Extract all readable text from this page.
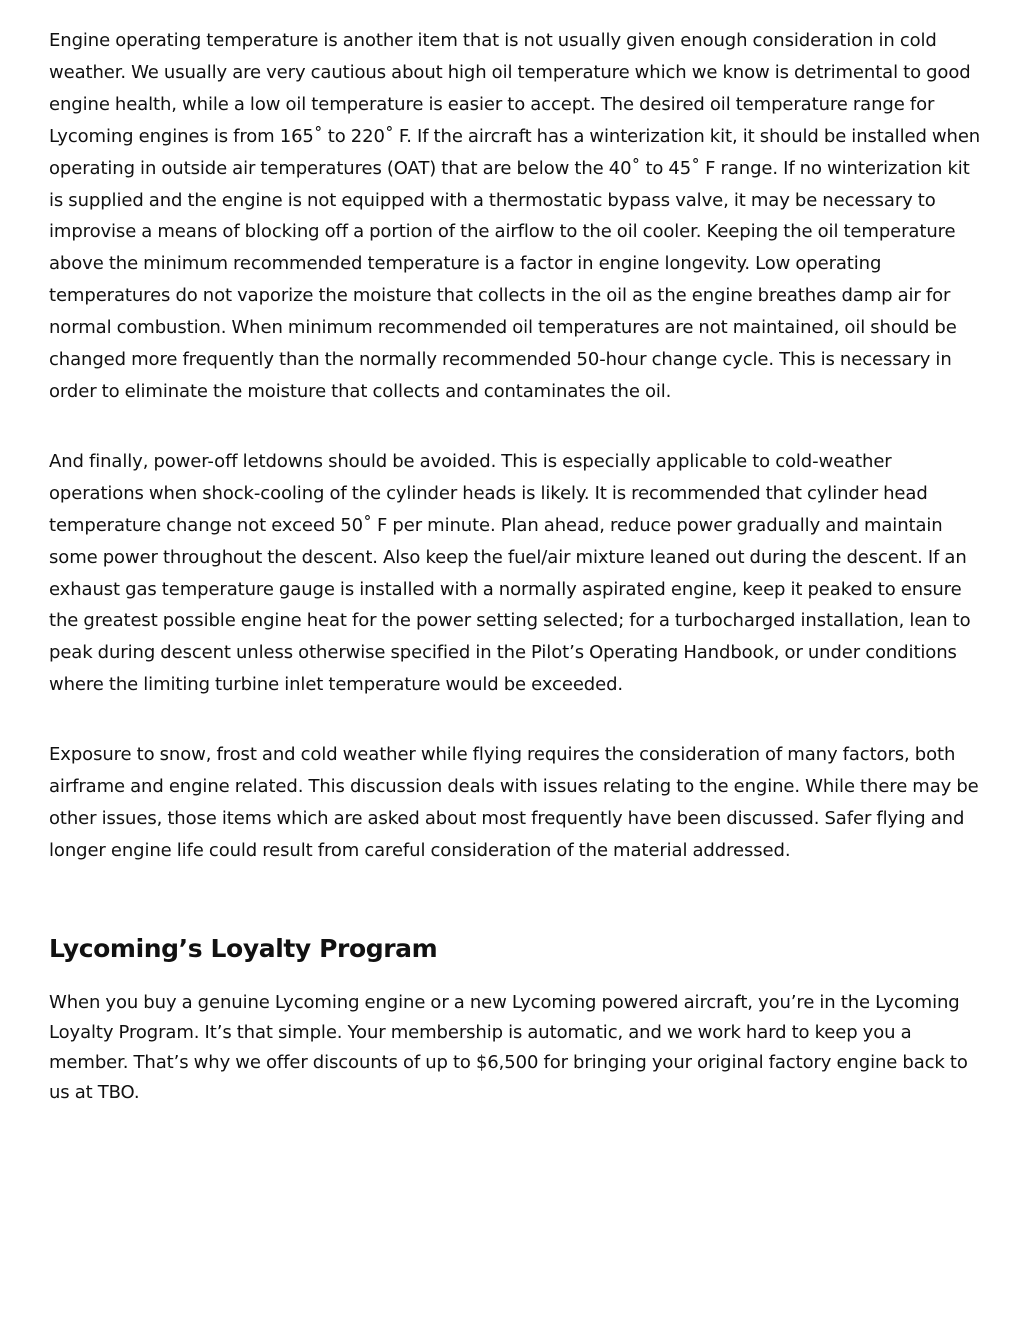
Engine operating temperature is another item that is not usually given enough consideration in cold weather. We usually are very cautious about high oil temperature which we know is detrimental to good engine health, while a low oil temperature is easier to accept. The desired oil temperature range for Lycoming engines is from 165˚ to 220˚ F. If the aircraft has a winterization kit, it should be installed when operating in outside air temperatures (OAT) that are below the 40˚ to 45˚ F range. If no winterization kit is supplied and the engine is not equipped with a thermostatic bypass valve, it may be necessary to improvise a means of blocking off a portion of the airflow to the oil cooler. Keeping the oil temperature above the minimum recommended temperature is a factor in engine longevity. Low operating temperatures do not vaporize the moisture that collects in the oil as the engine breathes damp air for normal combustion. When minimum recommended oil temperatures are not maintained, oil should be changed more frequently than the normally recommended 50-hour change cycle. This is necessary in order to eliminate the moisture that collects and contaminates the oil.

And finally, power-off letdowns should be avoided. This is especially applicable to cold-weather operations when shock-cooling of the cylinder heads is likely. It is recommended that cylinder head temperature change not exceed 50˚ F per minute. Plan ahead, reduce power gradually and maintain some power throughout the descent. Also keep the fuel/air mixture leaned out during the descent. If an exhaust gas temperature gauge is installed with a normally aspirated engine, keep it peaked to ensure the greatest possible engine heat for the power setting selected; for a turbocharged installation, lean to peak during descent unless otherwise specified in the Pilot’s Operating Handbook, or under conditions where the limiting turbine inlet temperature would be exceeded.

Exposure to snow, frost and cold weather while flying requires the consideration of many factors, both airframe and engine related. This discussion deals with issues relating to the engine. While there may be other issues, those items which are asked about most frequently have been discussed. Safer flying and longer engine life could result from careful consideration of the material addressed.

Lycoming’s Loyalty Program

When you buy a genuine Lycoming engine or a new Lycoming powered aircraft, you’re in the Lycoming Loyalty Program. It’s that simple. Your membership is automatic, and we work hard to keep you a member. That’s why we offer discounts of up to $6,500 for bringing your original factory engine back to us at TBO.
